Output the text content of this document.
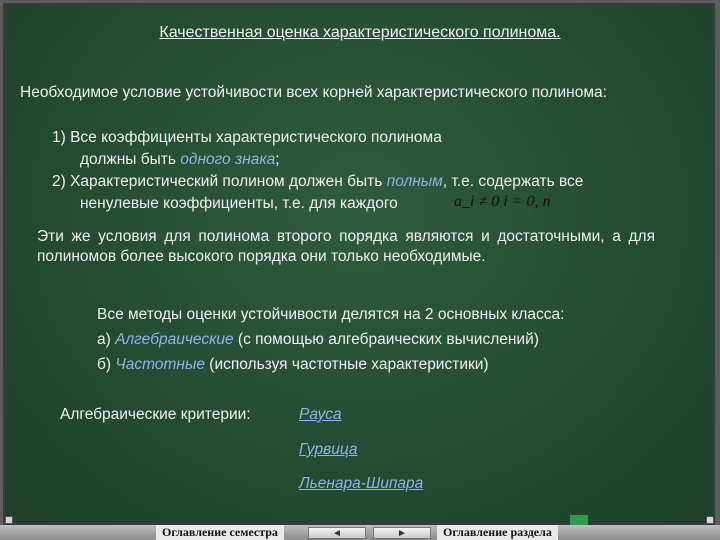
Качественная оценка характеристического полинома.
Необходимое условие устойчивости всех корней характеристического полинома:
1) Все коэффициенты характеристического полинома
должны быть одного знака;
2) Характеристический полином должен быть полным, т.е. содержать все
ненулевые коэффициенты, т.е. для каждого	a_i ≠ 0 i = 0, n
Эти же условия для полинома второго порядка являются и достаточными, а для полиномов более высокого порядка они только необходимые.
Все методы оценки устойчивости делятся на 2 основных класса:
а) Алгебраические (с помощью алгебраических вычислений)
б) Частотные (используя частотные характеристики)
Алгебраические критерии:	Рауса
Гурвица
Льенара-Шипара
Оглавление семестра	◄	►	Оглавление раздела
